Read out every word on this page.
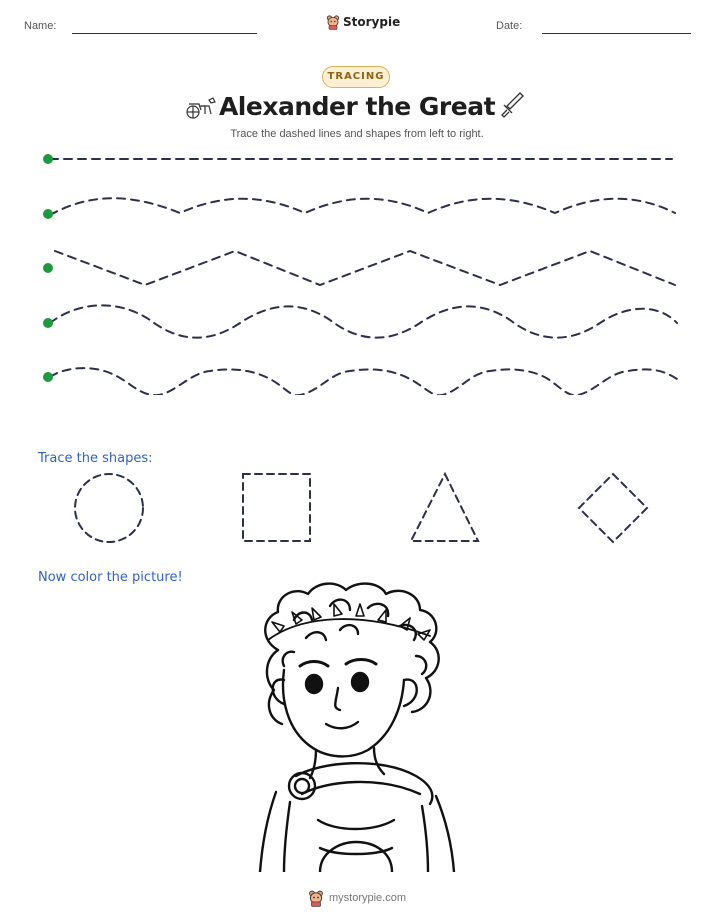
Name:	Storypie	Date:
TRACING
Alexander the Great
Trace the dashed lines and shapes from left to right.
Trace the shapes:
Now color the picture!
mystorypie.com
